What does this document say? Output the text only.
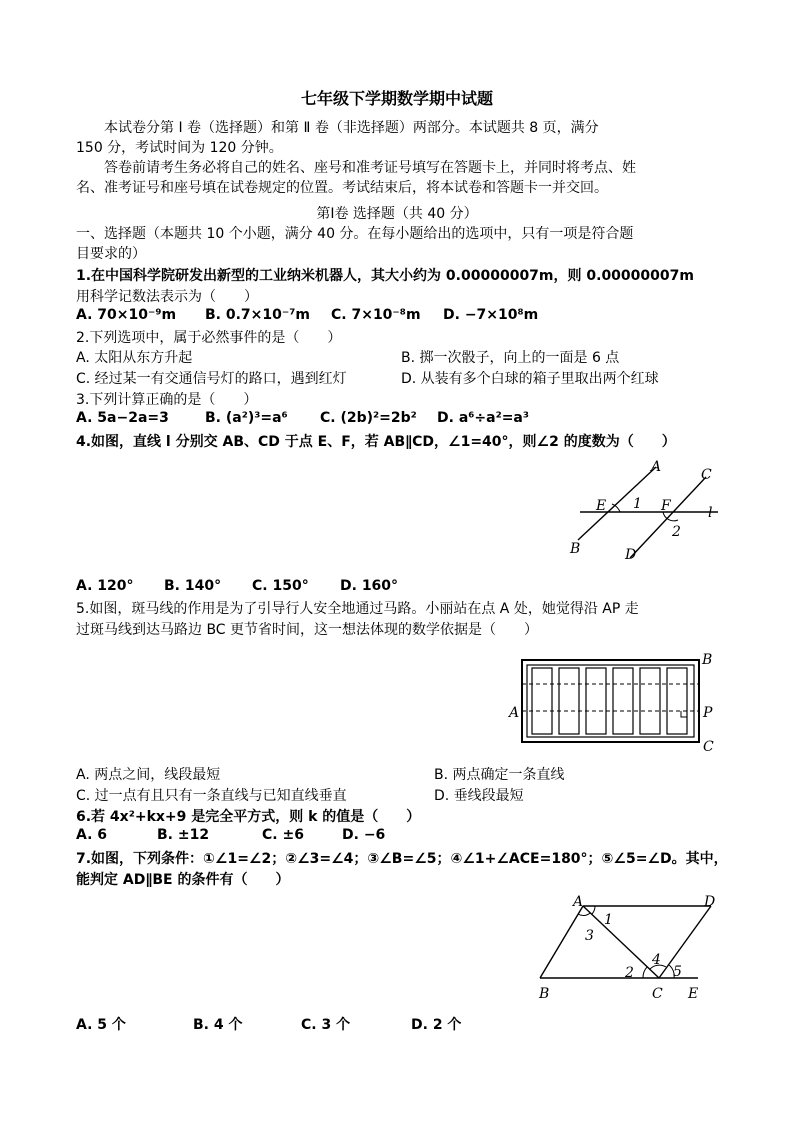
七年级下学期数学期中试题
本试卷分第 Ⅰ 卷（选择题）和第 Ⅱ 卷（非选择题）两部分。本试题共 8 页，满分
150 分，考试时间为 120 分钟。
答卷前请考生务必将自己的姓名、座号和准考证号填写在答题卡上，并同时将考点、姓
名、准考证号和座号填在试卷规定的位置。考试结束后，将本试卷和答题卡一并交回。
第Ⅰ卷 选择题（共 40 分）
一、选择题（本题共 10 个小题，满分 40 分。在每小题给出的选项中，只有一项是符合题
目要求的）
1.在中国科学院研发出新型的工业纳米机器人，其大小约为 0.00000007m，则 0.00000007m
用科学记数法表示为（　　）
A. 70×10⁻⁹m B. 0.7×10⁻⁷m C. 7×10⁻⁸m D. −7×10⁸m
2.下列选项中，属于必然事件的是（　　）
A. 太阳从东方升起	B. 掷一次骰子，向上的一面是 6 点
C. 经过某一有交通信号灯的路口，遇到红灯	D. 从装有多个白球的箱子里取出两个红球
3.下列计算正确的是（　　）
A. 5a−2a=3	B. (a²)³=a⁶ C. (2b)²=2b² D. a⁶÷a²=a³
4.如图，直线 l 分别交 AB、CD 于点 E、F，若 AB∥CD，∠1=40°，则∠2 的度数为（　　）
A
B
C
D
E	F	l
1
2
A. 120° B. 140° C. 150° D. 160°
5.如图，斑马线的作用是为了引导行人安全地通过马路。小丽站在点 A 处，她觉得沿 AP 走
过斑马线到达马路边 BC 更节省时间，这一想法体现的数学依据是（　　）
B
A	P
C
A. 两点之间，线段最短	B. 两点确定一条直线
C. 过一点有且只有一条直线与已知直线垂直	D. 垂线段最短
6.若 4x²+kx+9 是完全平方式，则 k 的值是（　　）
A. 6	B. ±12	C. ±6	D. −6
7.如图，下列条件：①∠1=∠2；②∠3=∠4；③∠B=∠5；④∠1+∠ACE=180°；⑤∠5=∠D。其中，
能判定 AD∥BE 的条件有（　　）
A	D
B	C E
1
3
2
4
5
A. 5 个	B. 4 个	C. 3 个	D. 2 个
